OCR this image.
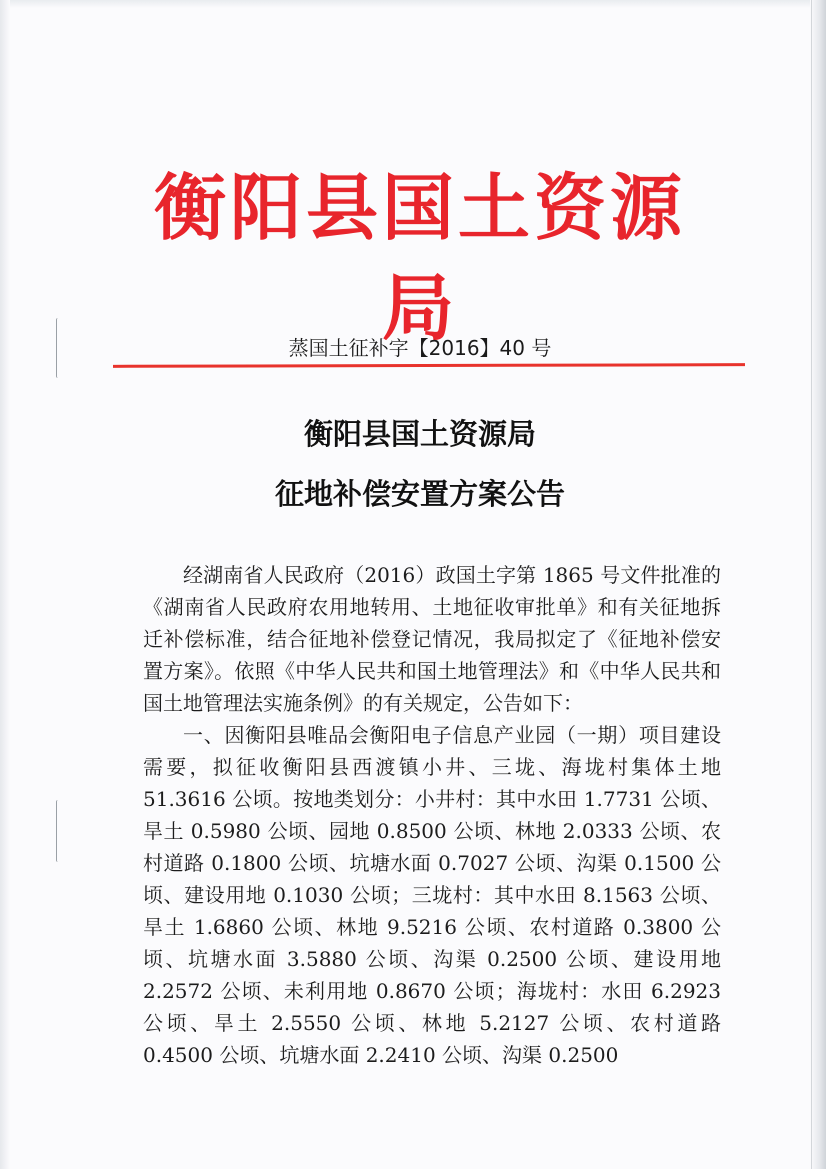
衡阳县国土资源局
蒸国土征补字【2016】40 号
衡阳县国土资源局
征地补偿安置方案公告

经湖南省人民政府（2016）政国土字第 1865 号文件批准的《湖南省人民政府农用地转用、土地征收审批单》和有关征地拆迁补偿标准，结合征地补偿登记情况，我局拟定了《征地补偿安置方案》。依照《中华人民共和国土地管理法》和《中华人民共和国土地管理法实施条例》的有关规定，公告如下：

一、因衡阳县唯品会衡阳电子信息产业园（一期）项目建设需要，拟征收衡阳县西渡镇小井、三垅、海垅村集体土地 51.3616 公顷。按地类划分：小井村：其中水田 1.7731 公顷、旱土 0.5980 公顷、园地 0.8500 公顷、林地 2.0333 公顷、农村道路 0.1800 公顷、坑塘水面 0.7027 公顷、沟渠 0.1500 公顷、建设用地 0.1030 公顷；三垅村：其中水田 8.1563 公顷、旱土 1.6860 公顷、林地 9.5216 公顷、农村道路 0.3800 公顷、坑塘水面 3.5880 公顷、沟渠 0.2500 公顷、建设用地 2.2572 公顷、未利用地 0.8670 公顷；海垅村：水田 6.2923 公顷、旱土 2.5550 公顷、林地 5.2127 公顷、农村道路 0.4500 公顷、坑塘水面 2.2410 公顷、沟渠 0.2500
